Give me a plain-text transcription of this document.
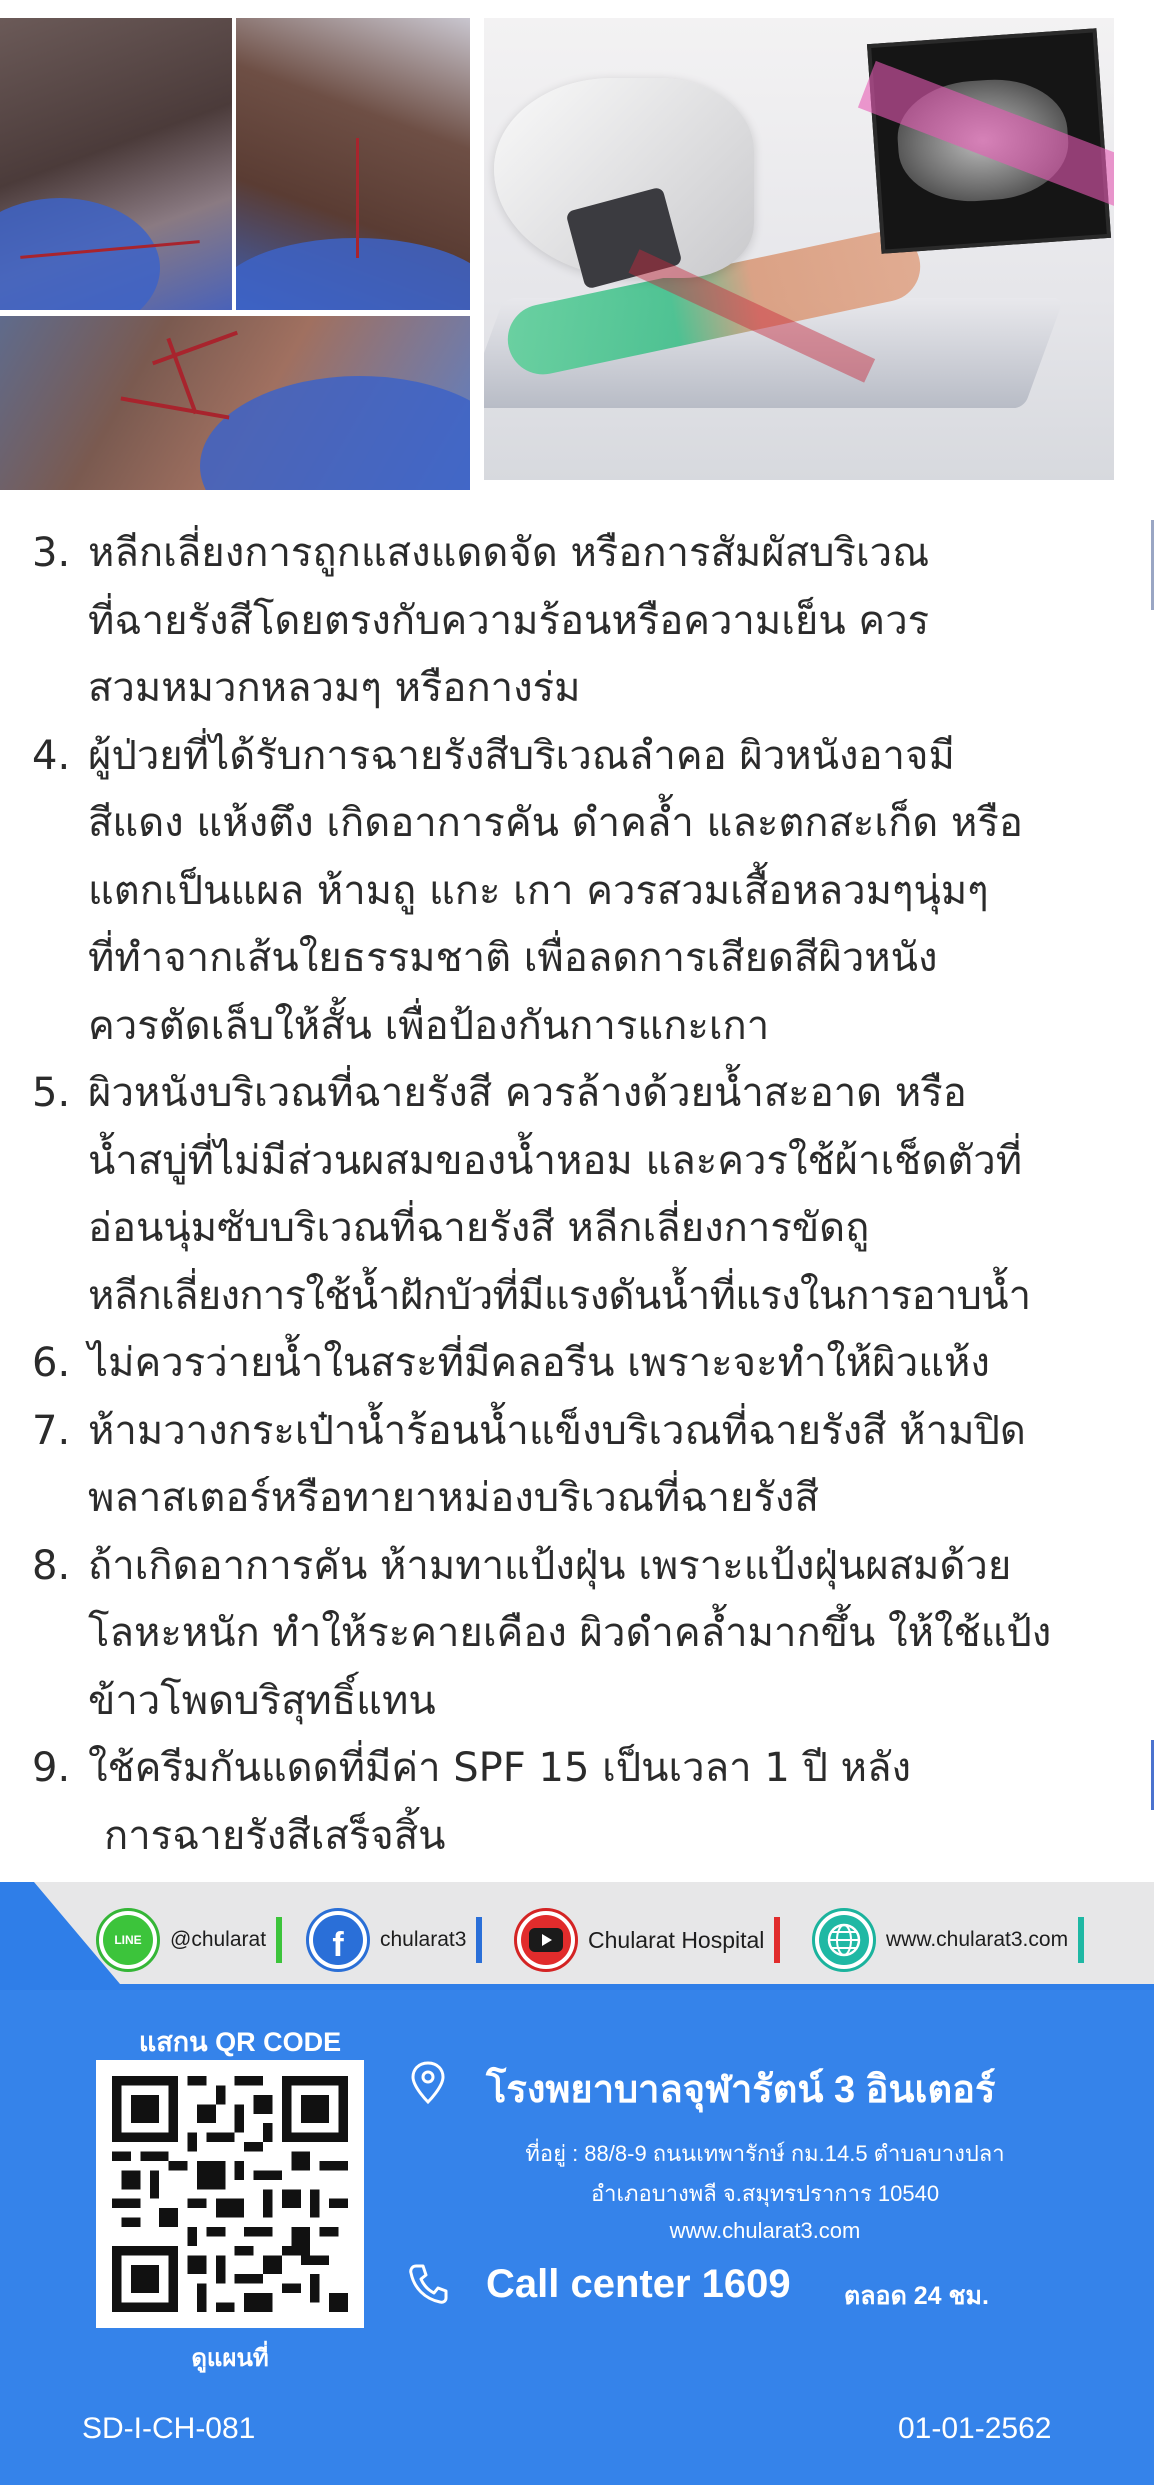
3. หลีกเลี่ยงการถูกแสงแดดจัด หรือการสัมผัสบริเวณ
ที่ฉายรังสีโดยตรงกับความร้อนหรือความเย็น ควร
สวมหมวกหลวมๆ หรือกางร่ม
4. ผู้ป่วยที่ได้รับการฉายรังสีบริเวณลำคอ ผิวหนังอาจมี
สีแดง แห้งตึง เกิดอาการคัน ดำคล้ำ และตกสะเก็ด หรือ
แตกเป็นแผล ห้ามถู แกะ เกา ควรสวมเสื้อหลวมๆนุ่มๆ
ที่ทำจากเส้นใยธรรมชาติ เพื่อลดการเสียดสีผิวหนัง
ควรตัดเล็บให้สั้น เพื่อป้องกันการแกะเกา
5. ผิวหนังบริเวณที่ฉายรังสี ควรล้างด้วยน้ำสะอาด หรือ
น้ำสบู่ที่ไม่มีส่วนผสมของน้ำหอม และควรใช้ผ้าเช็ดตัวที่
อ่อนนุ่มซับบริเวณที่ฉายรังสี หลีกเลี่ยงการขัดถู
หลีกเลี่ยงการใช้น้ำฝักบัวที่มีแรงดันน้ำที่แรงในการอาบน้ำ
6. ไม่ควรว่ายน้ำในสระที่มีคลอรีน เพราะจะทำให้ผิวแห้ง
7. ห้ามวางกระเป๋าน้ำร้อนน้ำแข็งบริเวณที่ฉายรังสี ห้ามปิด
พลาสเตอร์หรือทายาหม่องบริเวณที่ฉายรังสี
8. ถ้าเกิดอาการคัน ห้ามทาแป้งฝุ่น เพราะแป้งฝุ่นผสมด้วย
โลหะหนัก ทำให้ระคายเคือง ผิวดำคล้ำมากขึ้น ให้ใช้แป้ง
ข้าวโพดบริสุทธิ์แทน
9. ใช้ครีมกันแดดที่มีค่า SPF 15 เป็นเวลา 1 ปี หลัง
การฉายรังสีเสร็จสิ้น
LINE	@chularat	f	chularat3	Chularat Hospital	www.chularat3.com
แสกน QR CODE
ดูแผนที่
โรงพยาบาลจุฬารัตน์ 3 อินเตอร์
ที่อยู่ : 88/8-9 ถนนเทพารักษ์ กม.14.5 ตำบลบางปลา
อำเภอบางพลี จ.สมุทรปราการ 10540
www.chularat3.com
Call center 1609 ตลอด 24 ชม.
SD-I-CH-081	01-01-2562
